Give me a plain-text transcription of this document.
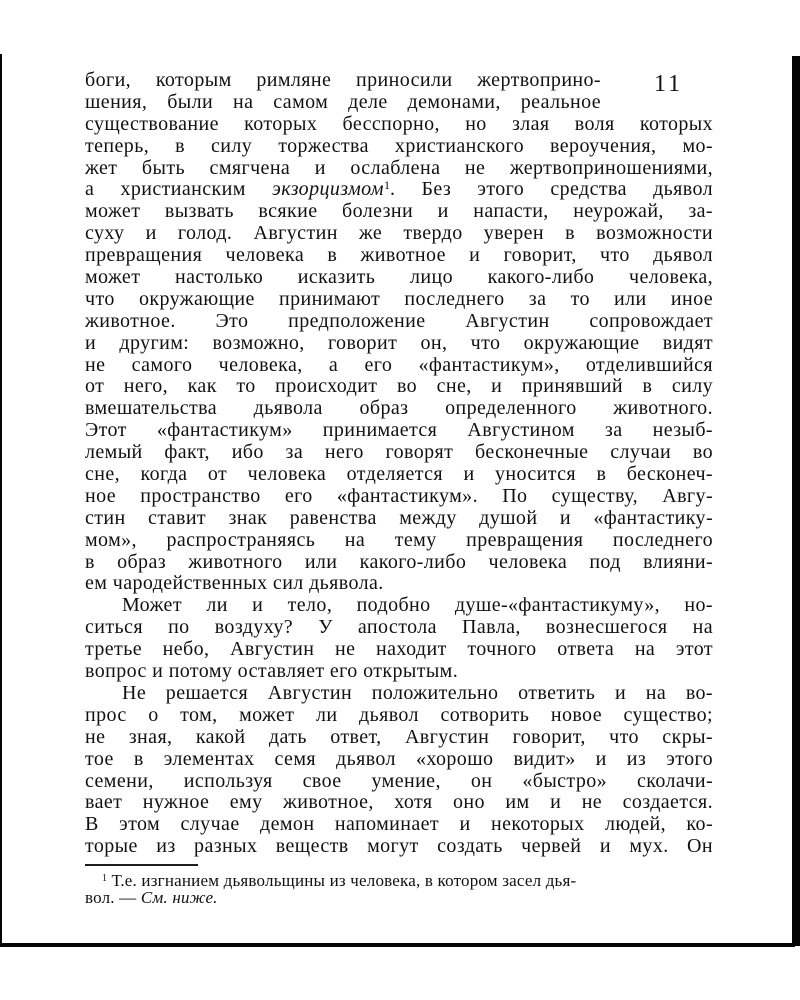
11
боги, которым римляне приносили жертвоприно-
шения, были на самом деле демонами, реальное
существование которых бесспорно, но злая воля которых
теперь, в силу торжества христианского вероучения, мо-
жет быть смягчена и ослаблена не жертвоприношениями,
а христианским экзорцизмом$^1$. Без этого средства дьявол
может вызвать всякие болезни и напасти, неурожай, за-
суху и голод. Августин же твердо уверен в возможности
превращения человека в животное и говорит, что дьявол
может настолько исказить лицо какого-либо человека,
что окружающие принимают последнего за то или иное
животное. Это предположение Августин сопровождает
и другим: возможно, говорит он, что окружающие видят
не самого человека, а его «фантастикум», отделившийся
от него, как то происходит во сне, и принявший в силу
вмешательства дьявола образ определенного животного.
Этот «фантастикум» принимается Августином за незыб-
лемый факт, ибо за него говорят бесконечные случаи во
сне, когда от человека отделяется и уносится в бесконеч-
ное пространство его «фантастикум». По существу, Авгу-
стин ставит знак равенства между душой и «фантастику-
мом», распространяясь на тему превращения последнего
в образ животного или какого-либо человека под влияни-
ем чародейственных сил дьявола.
Может ли и тело, подобно душе-«фантастикуму», но-
ситься по воздуху? У апостола Павла, вознесшегося на
третье небо, Августин не находит точного ответа на этот
вопрос и потому оставляет его открытым.
Не решается Августин положительно ответить и на во-
прос о том, может ли дьявол сотворить новое существо;
не зная, какой дать ответ, Августин говорит, что скры-
тое в элементах семя дьявол «хорошо видит» и из этого
семени, используя свое умение, он «быстро» сколачи-
вает нужное ему животное, хотя оно им и не создается.
В этом случае демон напоминает и некоторых людей, ко-
торые из разных веществ могут создать червей и мух. Он
$^1$ Т.е. изгнанием дьявольщины из человека, в котором засел дья-
вол. — См. ниже.
